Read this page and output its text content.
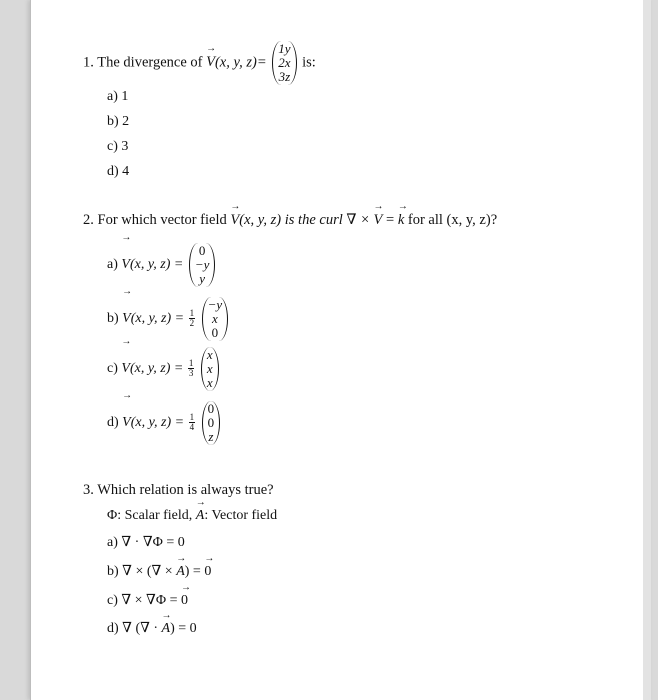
1. The divergence of → V(x, y, z)=
1y
2x
3z
is:
a) 1
b) 2
c) 3
d) 4
2. For which vector field → V(x, y, z) is the curl ∇ × → V = → k for all (x, y, z)?
a) → V(x, y, z) =
0
−y
y
b) → V(x, y, $z) = \frac{1}{2}$

−y
x
0
c) → V(x, y, $z) = \frac{1}{3}$

x
x
x
d) → V(x, y, $z) = \frac{1}{4}$

0
0
z
3. Which relation is always true?
Φ: Scalar field, → A: Vector field
a) ∇ · ∇Φ = 0
b) ∇ × (∇ × → A) = → 0
c) ∇ × ∇Φ = → 0
d) ∇ (∇ · → A) = 0
